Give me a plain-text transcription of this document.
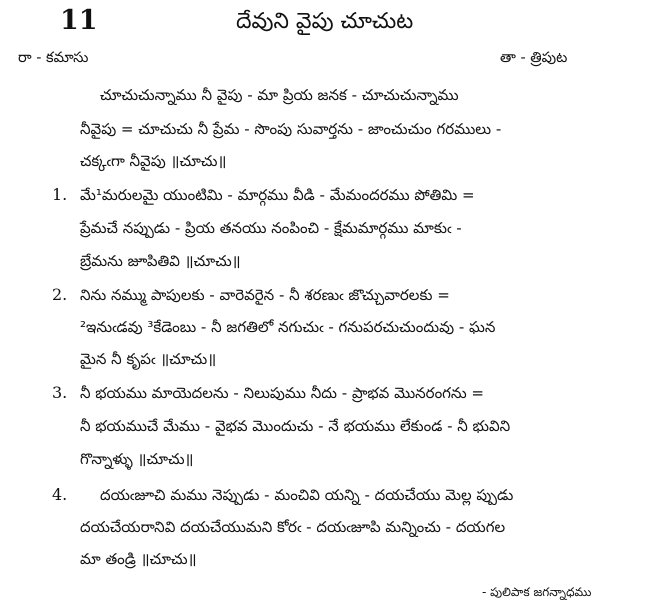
11	దేవుని వైపు చూచుట
రా - కమాసు	తా - త్రిపుట
చూచుచున్నాము నీ వైపు - మా ప్రియ జనక - చూచుచున్నాము
నీవైపు = చూచుచు నీ ప్రేమ - సొంపు సువార్తను - జాంచుచుం గరములు -
చక్కఁగా నీవైపు ॥చూచు॥
1. మే¹మరులమై యుంటిమి - మార్గము వీడి - మేమందరము పోతిమి =
ప్రేమచే నప్పుడు - ప్రియ తనయు నంపించి - క్షేమమార్గము మాకుఁ -
బ్రేమను జూపితివి ॥చూచు॥
2. నిను నమ్ము పాపులకు - వారెవరైన - నీ శరణుఁ జొచ్చువారలకు =
²ఇనుఁడవు ³కేడెంబు - నీ జగతిలో నగుచుఁ - గనుపరచుచుందువు - ఘన
మైన నీ కృపఁ ॥చూచు॥
3. నీ భయము మాయెదలను - నిలుపుము నీదు - ప్రాభవ మొనరంగను =
నీ భయముచే మేము - వైభవ మొందుచు - నే భయము లేకుండ - నీ భువిని
గొన్నాళ్ళు ॥చూచు॥
4. దయఁజూచి మము నెప్పుడు - మంచివి యన్ని - దయచేయు మెల్ల ప్పుడు
దయచేయరానివి దయచేయుమని కోరఁ - దయఁజూపి మన్నించు - దయగల
మా తండ్రి ॥చూచు॥
- పులిపాక జగన్నాధము
